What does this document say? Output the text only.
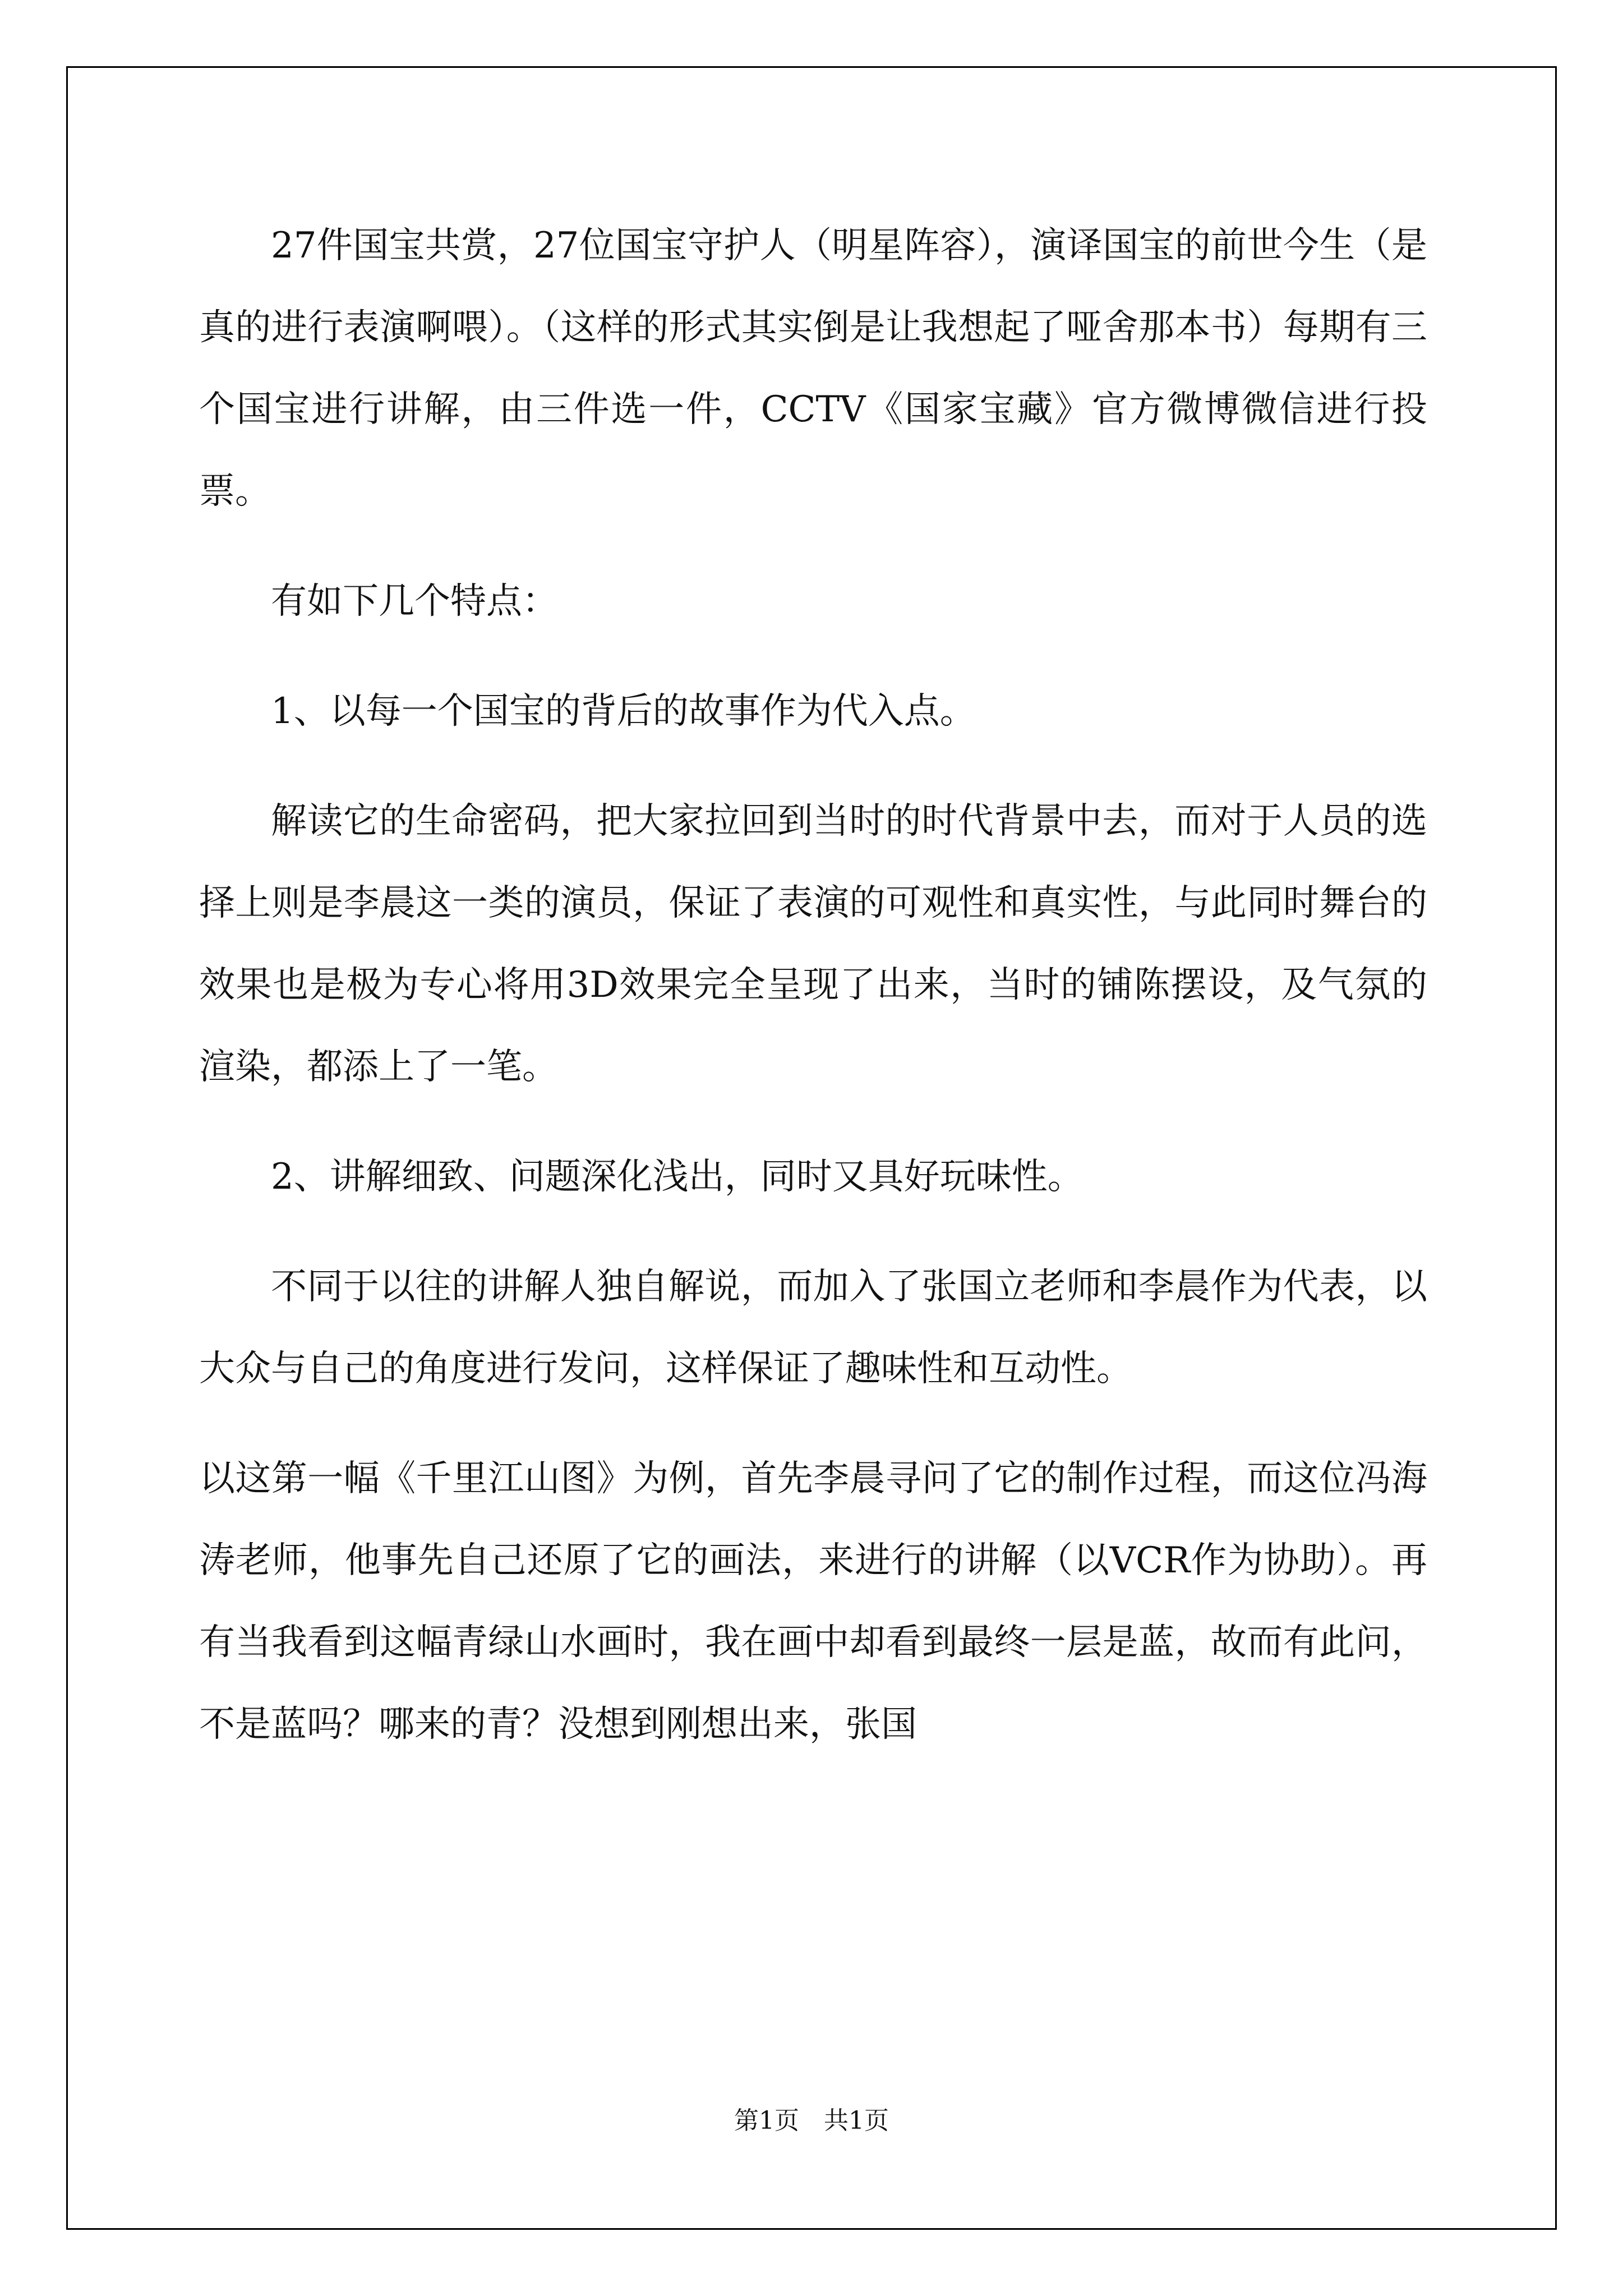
27件国宝共赏，27位国宝守护人（明星阵容），演译国宝的前世今生（是真的进行表演啊喂）。（这样的形式其实倒是让我想起了哑舍那本书）每期有三个国宝进行讲解，由三件选一件，CCTV《国家宝藏》官方微博微信进行投票。

有如下几个特点：

1、以每一个国宝的背后的故事作为代入点。

解读它的生命密码，把大家拉回到当时的时代背景中去，而对于人员的选择上则是李晨这一类的演员，保证了表演的可观性和真实性，与此同时舞台的效果也是极为专心将用3D效果完全呈现了出来，当时的铺陈摆设，及气氛的渲染，都添上了一笔。

2、讲解细致、问题深化浅出，同时又具好玩味性。

不同于以往的讲解人独自解说，而加入了张国立老师和李晨作为代表，以大众与自己的角度进行发问，这样保证了趣味性和互动性。

以这第一幅《千里江山图》为例，首先李晨寻问了它的制作过程，而这位冯海涛老师，他事先自己还原了它的画法，来进行的讲解（以VCR作为协助）。再有当我看到这幅青绿山水画时，我在画中却看到最终一层是蓝，故而有此问，不是蓝吗？哪来的青？没想到刚想出来，张国

第1页　共1页
